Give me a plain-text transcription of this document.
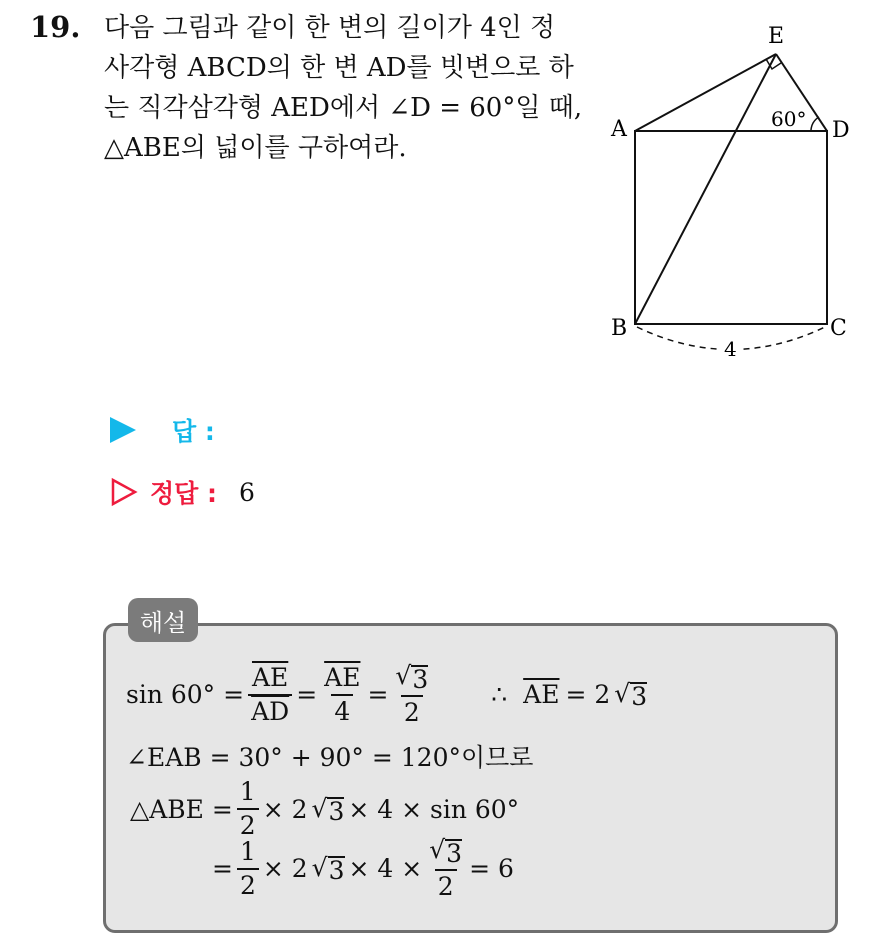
19. 다음 그림과 같이 한 변의 길이가 4인 정
사각형 ABCD의 한 변 AD를 빗변으로 하
는 직각삼각형 AED에서 ∠D = 60°일 때,
△ABE의 넓이를 구하여라.
E
A	D
B	C
60°
4
답 :
정답 : 6
해설
$\sin 60^\circ = \frac{\overline{AE}}{AD} = \frac{\overline{AE}}{4} = \frac{√ 3}{2}$ ∴ $\overline{AE} = 2$ √ 3
∠EAB = 30° + 90° = 120°이므로
△ABE = $\frac{1}{2} \times 2$ √ 3 × 4 × sin 60°
= $\frac{1}{2} \times 2$ √ $3 \times 4 \times \frac{√ 3}{2} = 6$
